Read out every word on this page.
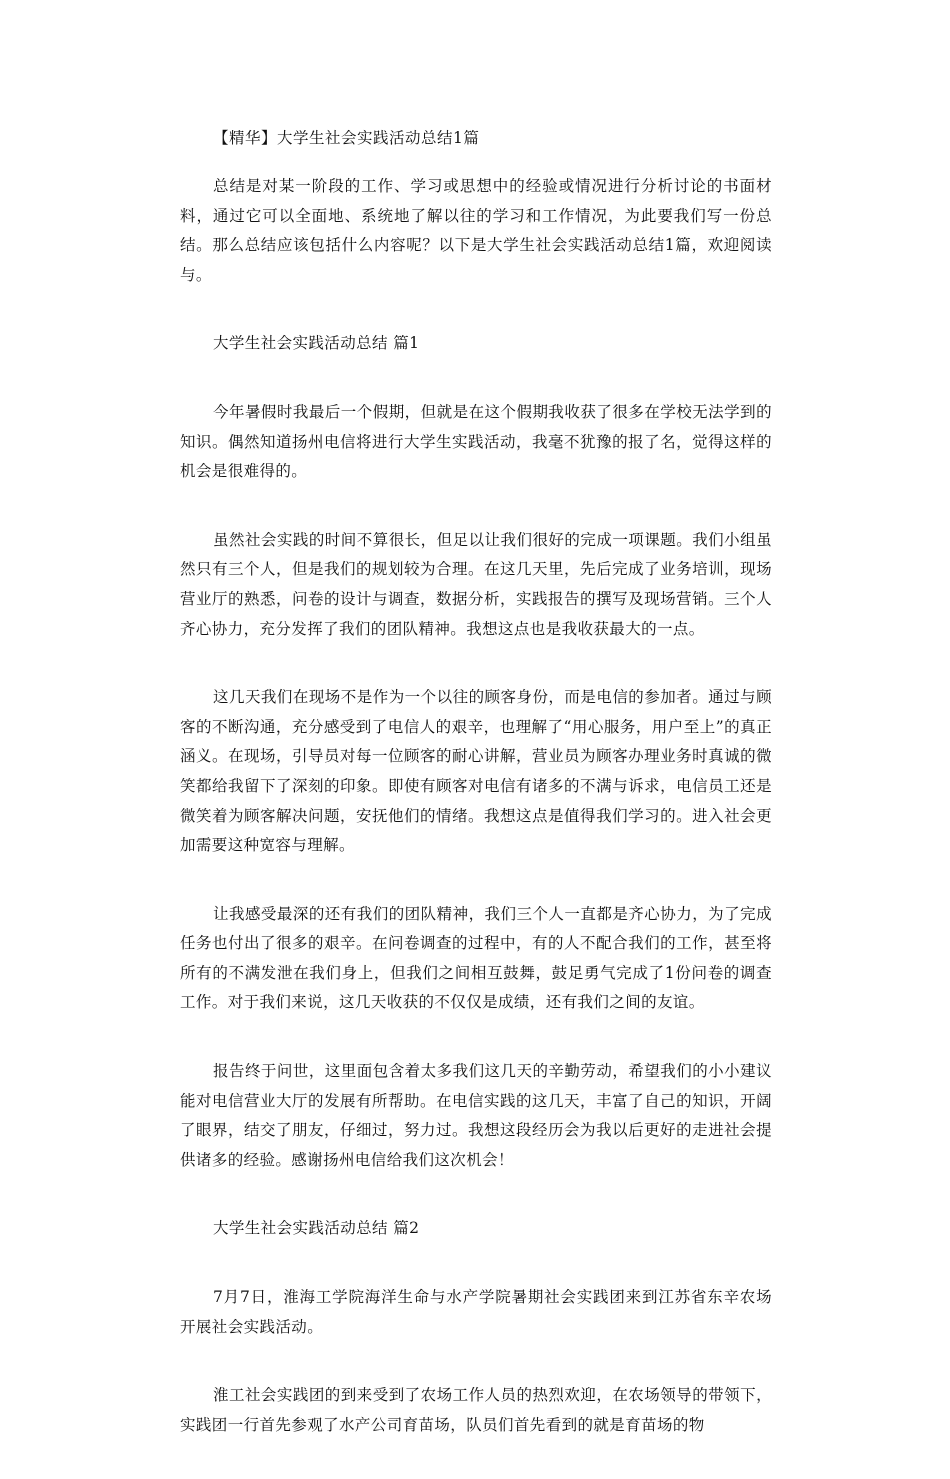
【精华】大学生社会实践活动总结1篇

总结是对某一阶段的工作、学习或思想中的经验或情况进行分析讨论的书面材料，通过它可以全面地、系统地了解以往的学习和工作情况，为此要我们写一份总结。那么总结应该包括什么内容呢？以下是大学生社会实践活动总结1篇，欢迎阅读与。

大学生社会实践活动总结 篇1

今年暑假时我最后一个假期，但就是在这个假期我收获了很多在学校无法学到的知识。偶然知道扬州电信将进行大学生实践活动，我毫不犹豫的报了名，觉得这样的机会是很难得的。

虽然社会实践的时间不算很长，但足以让我们很好的完成一项课题。我们小组虽然只有三个人，但是我们的规划较为合理。在这几天里，先后完成了业务培训，现场营业厅的熟悉，问卷的设计与调查，数据分析，实践报告的撰写及现场营销。三个人齐心协力，充分发挥了我们的团队精神。我想这点也是我收获最大的一点。

这几天我们在现场不是作为一个以往的顾客身份，而是电信的参加者。通过与顾客的不断沟通，充分感受到了电信人的艰辛，也理解了“用心服务，用户至上”的真正涵义。在现场，引导员对每一位顾客的耐心讲解，营业员为顾客办理业务时真诚的微笑都给我留下了深刻的印象。即使有顾客对电信有诸多的不满与诉求，电信员工还是微笑着为顾客解决问题，安抚他们的情绪。我想这点是值得我们学习的。进入社会更加需要这种宽容与理解。

让我感受最深的还有我们的团队精神，我们三个人一直都是齐心协力，为了完成任务也付出了很多的艰辛。在问卷调查的过程中，有的人不配合我们的工作，甚至将所有的不满发泄在我们身上，但我们之间相互鼓舞，鼓足勇气完成了1份问卷的调查工作。对于我们来说，这几天收获的不仅仅是成绩，还有我们之间的友谊。

报告终于问世，这里面包含着太多我们这几天的辛勤劳动，希望我们的小小建议能对电信营业大厅的发展有所帮助。在电信实践的这几天，丰富了自己的知识，开阔了眼界，结交了朋友，仔细过，努力过。我想这段经历会为我以后更好的走进社会提供诸多的经验。感谢扬州电信给我们这次机会！

大学生社会实践活动总结 篇2

7月7日，淮海工学院海洋生命与水产学院暑期社会实践团来到江苏省东辛农场开展社会实践活动。

淮工社会实践团的到来受到了农场工作人员的热烈欢迎，在农场领导的带领下，实践团一行首先参观了水产公司育苗场，队员们首先看到的就是育苗场的物
